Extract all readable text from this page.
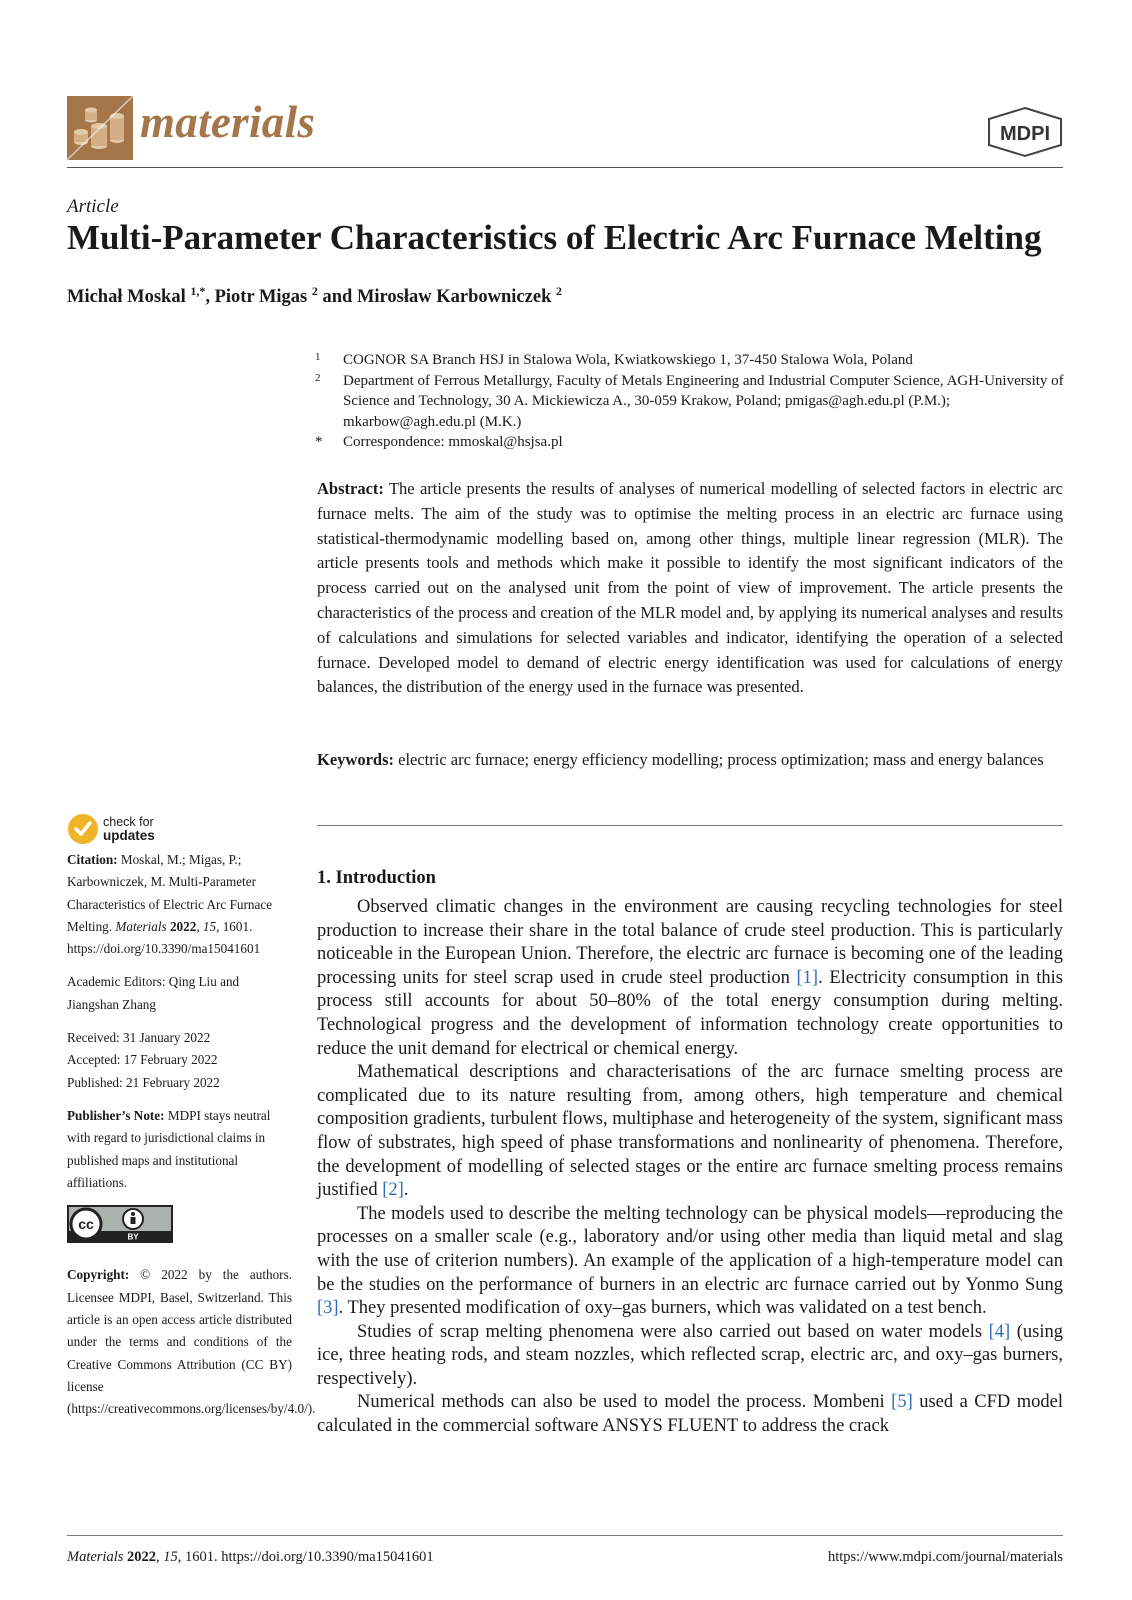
materials	MDPI
Article
Multi-Parameter Characteristics of Electric Arc Furnace Melting
Michał Moskal $^{1,*}$, Piotr Migas $^2$ and Mirosław Karbowniczek $^2$
1 COGNOR SA Branch HSJ in Stalowa Wola, Kwiatkowskiego 1, 37-450 Stalowa Wola, Poland
2 Department of Ferrous Metallurgy, Faculty of Metals Engineering and Industrial Computer Science, AGH-University of Science and Technology, 30 A. Mickiewicza A., 30-059 Krakow, Poland; pmigas@agh.edu.pl (P.M.); mkarbow@agh.edu.pl (M.K.)
* Correspondence: mmoskal@hsjsa.pl
Abstract: The article presents the results of analyses of numerical modelling of selected factors in electric arc furnace melts. The aim of the study was to optimise the melting process in an electric arc furnace using statistical-thermodynamic modelling based on, among other things, multiple linear regression (MLR). The article presents tools and methods which make it possible to identify the most significant indicators of the process carried out on the analysed unit from the point of view of improvement. The article presents the characteristics of the process and creation of the MLR model and, by applying its numerical analyses and results of calculations and simulations for selected variables and indicator, identifying the operation of a selected furnace. Developed model to demand of electric energy identification was used for calculations of energy balances, the distribution of the energy used in the furnace was presented.
Keywords: electric arc furnace; energy efficiency modelling; process optimization; mass and energy balances
check for
updates

Citation: Moskal, M.; Migas, P.; Karbowniczek, M. Multi-Parameter Characteristics of Electric Arc Furnace Melting. Materials 2022, 15, 1601. https://doi.org/10.3390/ma15041601

Academic Editors: Qing Liu and Jiangshan Zhang

Received: 31 January 2022
Accepted: 17 February 2022

Published: 21 February 2022

Publisher’s Note: MDPI stays neutral with regard to jurisdictional claims in published maps and institutional affiliations.

cc
BY

Copyright: © 2022 by the authors. Licensee MDPI, Basel, Switzerland. This article is an open access article distributed under the terms and conditions of the Creative Commons Attribution (CC BY) license (https://creativecommons.org/licenses/by/4.0/).

1. Introduction

Observed climatic changes in the environment are causing recycling technologies for steel production to increase their share in the total balance of crude steel production. This is particularly noticeable in the European Union. Therefore, the electric arc furnace is becoming one of the leading processing units for steel scrap used in crude steel production [1]. Electricity consumption in this process still accounts for about 50–80% of the total energy consumption during melting. Technological progress and the development of information technology create opportunities to reduce the unit demand for electrical or chemical energy.

Mathematical descriptions and characterisations of the arc furnace smelting process are complicated due to its nature resulting from, among others, high temperature and chemical composition gradients, turbulent flows, multiphase and heterogeneity of the system, significant mass flow of substrates, high speed of phase transformations and nonlinearity of phenomena. Therefore, the development of modelling of selected stages or the entire arc furnace smelting process remains justified [2].

The models used to describe the melting technology can be physical models—reproducing the processes on a smaller scale (e.g., laboratory and/or using other media than liquid metal and slag with the use of criterion numbers). An example of the application of a high-temperature model can be the studies on the performance of burners in an electric arc furnace carried out by Yonmo Sung [3]. They presented modification of oxy–gas burners, which was validated on a test bench.

Studies of scrap melting phenomena were also carried out based on water models [4] (using ice, three heating rods, and steam nozzles, which reflected scrap, electric arc, and oxy–gas burners, respectively).

Numerical methods can also be used to model the process. Mombeni [5] used a CFD model calculated in the commercial software ANSYS FLUENT to address the crack

Materials 2022, 15, 1601. https://doi.org/10.3390/ma15041601	https://www.mdpi.com/journal/materials
